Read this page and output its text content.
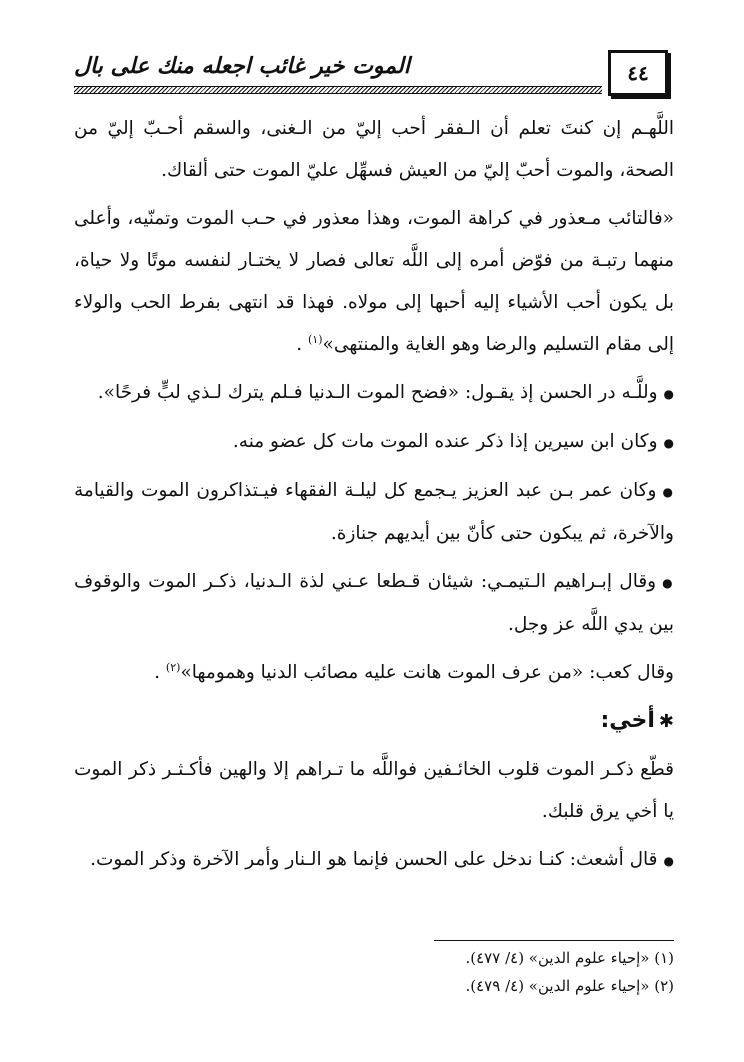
٤٤
الموت خير غائب اجعله منك على بال

اللَّهـم إن كنتَ تعلم أن الـفقر أحب إليّ من الـغنى، والسقم أحـبّ إليّ من الصحة، والموت أحبّ إليّ من العيش فسهِّل عليّ الموت حتى ألقاك.

«فالتائب مـعذور في كراهة الموت، وهذا معذور في حـب الموت وتمنّيه، وأعلى منهما رتبـة من فوّض أمره إلى اللَّه تعالى فصار لا يختـار لنفسه موتًا ولا حياة، بل يكون أحب الأشياء إليه أحبها إلى مولاه. فهذا قد انتهى بفرط الحب والولاء إلى مقام التسليم والرضا وهو الغاية والمنتهى»$^{(١)}$ .

● وللَّـه در الحسن إذ يقـول: «فضح الموت الـدنيا فـلم يترك لـذي لبٍّ فرحًا».

● وكان ابن سيرين إذا ذكر عنده الموت مات كل عضو منه.

● وكان عمر بـن عبد العزيز يـجمع كل ليلـة الفقهاء فيـتذاكرون الموت والقيامة والآخرة، ثم يبكون حتى كأنّ بين أيديهم جنازة.

● وقال إبـراهيم الـتيمـي: شيئان قـطعا عـني لذة الـدنيا، ذكـر الموت والوقوف بين يدي اللَّه عز وجل.

وقال كعب: «من عرف الموت هانت عليه مصائب الدنيا وهمومها»$^{(٢)}$ .

✱أخي:

قطّع ذكـر الموت قلوب الخائـفين فواللَّه ما تـراهم إلا والهين فأكـثـر ذكر الموت يا أخي يرق قلبك.

● قال أشعث: كنـا ندخل على الحسن فإنما هو الـنار وأمر الآخرة وذكر الموت.

(١) «إحياء علوم الدين» (٤/ ٤٧٧).

(٢) «إحياء علوم الدين» (٤/ ٤٧٩).
